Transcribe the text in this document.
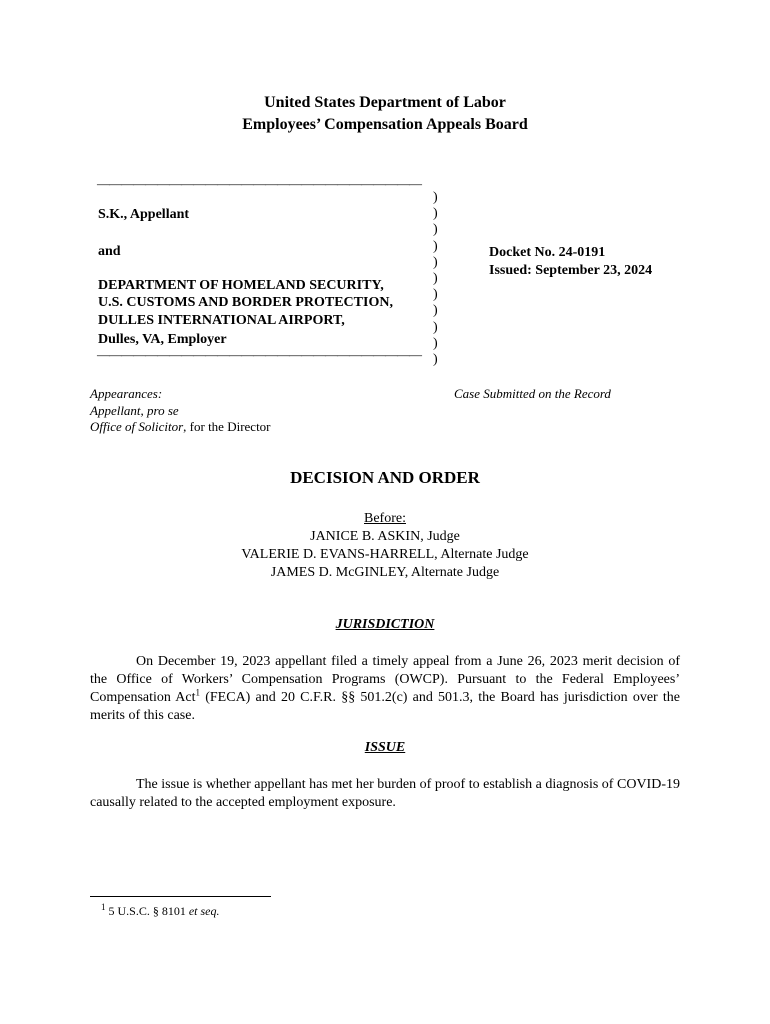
United States Department of Labor
Employees’ Compensation Appeals Board
———————————————————————————
S.K., Appellant
and
DEPARTMENT OF HOMELAND SECURITY,
U.S. CUSTOMS AND BORDER PROTECTION,
DULLES INTERNATIONAL AIRPORT,
Dulles, VA, Employer
———————————————————————————
)
)
)
)
)
)
)
)
)
)
)
Docket No. 24-0191
Issued: September 23, 2024
Appearances:
Appellant, pro se
Office of Solicitor, for the Director
Case Submitted on the Record
DECISION AND ORDER
Before:
JANICE B. ASKIN, Judge
VALERIE D. EVANS-HARRELL, Alternate Judge
JAMES D. McGINLEY, Alternate Judge
JURISDICTION
On December 19, 2023 appellant filed a timely appeal from a June 26, 2023 merit decision of the Office of Workers’ Compensation Programs (OWCP). Pursuant to the Federal Employees’ Compensation Act$^1$ (FECA) and 20 C.F.R. §§ 501.2(c) and 501.3, the Board has jurisdiction over the merits of this case.
ISSUE
The issue is whether appellant has met her burden of proof to establish a diagnosis of COVID-19 causally related to the accepted employment exposure.
$^1$ 5 U.S.C. § 8101 et seq.
